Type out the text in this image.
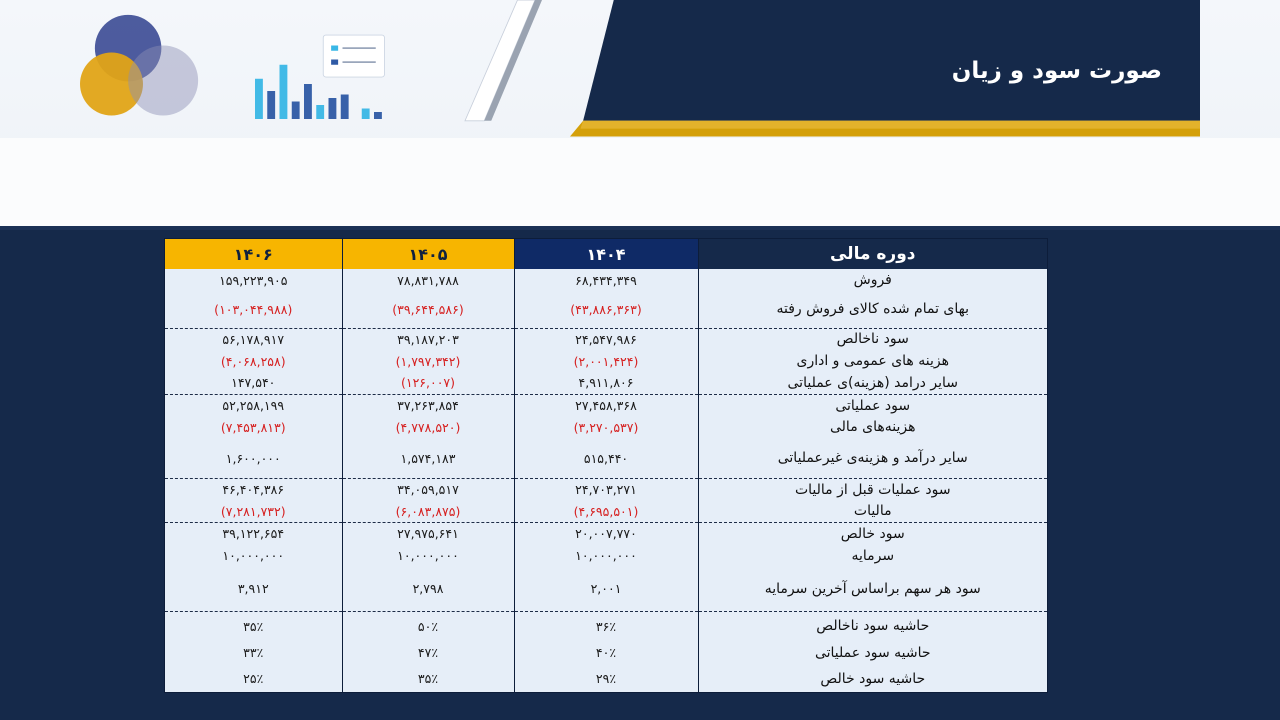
صورت سود و زیان
دوره مالی	۱۴۰۴	۱۴۰۵	۱۴۰۶
فروش	۶۸,۴۳۴,۳۴۹	۷۸,۸۳۱,۷۸۸	۱۵۹,۲۲۳,۹۰۵
بهای تمام شده کالای فروش رفته	(۴۳,۸۸۶,۳۶۳)	(۳۹,۶۴۴,۵۸۶)	(۱۰۳,۰۴۴,۹۸۸)
سود ناخالص	۲۴,۵۴۷,۹۸۶	۳۹,۱۸۷,۲۰۳	۵۶,۱۷۸,۹۱۷
هزینه های عمومی و اداری	(۲,۰۰۱,۴۲۴)	(۱,۷۹۷,۳۴۲)	(۴,۰۶۸,۲۵۸)
سایر درامد (هزینه)ی عملیاتی	۴,۹۱۱,۸۰۶	(۱۲۶,۰۰۷)	۱۴۷,۵۴۰
سود عملیاتی	۲۷,۴۵۸,۳۶۸	۳۷,۲۶۳,۸۵۴	۵۲,۲۵۸,۱۹۹
هزینه‌های مالی	(۳,۲۷۰,۵۳۷)	(۴,۷۷۸,۵۲۰)	(۷,۴۵۳,۸۱۳)
سایر درآمد و هزینه‌ی غیرعملیاتی	۵۱۵,۴۴۰	۱,۵۷۴,۱۸۳	۱,۶۰۰,۰۰۰
سود عملیات قبل از مالیات	۲۴,۷۰۳,۲۷۱	۳۴,۰۵۹,۵۱۷	۴۶,۴۰۴,۳۸۶
مالیات	(۴,۶۹۵,۵۰۱)	(۶,۰۸۳,۸۷۵)	(۷,۲۸۱,۷۳۲)
سود خالص	۲۰,۰۰۷,۷۷۰	۲۷,۹۷۵,۶۴۱	۳۹,۱۲۲,۶۵۴
سرمایه	۱۰,۰۰۰,۰۰۰	۱۰,۰۰۰,۰۰۰	۱۰,۰۰۰,۰۰۰
سود هر سهم براساس آخرین سرمایه	۲,۰۰۱	۲,۷۹۸	۳,۹۱۲
حاشیه سود ناخالص	۳۶٪	۵۰٪	۳۵٪
حاشیه سود عملیاتی	۴۰٪	۴۷٪	۳۳٪
حاشیه سود خالص	۲۹٪	۳۵٪	۲۵٪
